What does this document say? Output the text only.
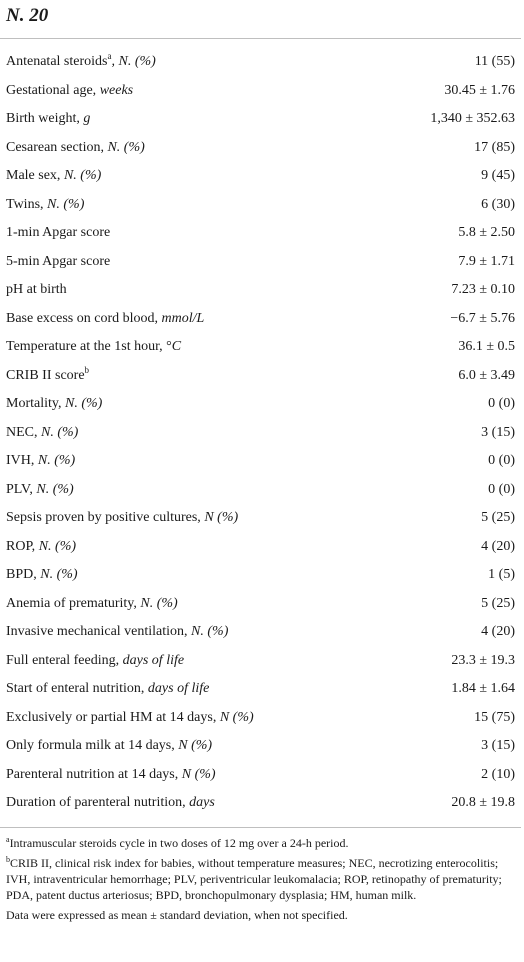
N. 20
Antenatal steroids$^a$, N. (%)	11 (55)
Gestational age, weeks	30.45 ± 1.76
Birth weight, g	1,340 ± 352.63
Cesarean section, N. (%)	17 (85)
Male sex, N. (%)	9 (45)
Twins, N. (%)	6 (30)
1-min Apgar score	5.8 ± 2.50
5-min Apgar score	7.9 ± 1.71
pH at birth	7.23 ± 0.10
Base excess on cord blood, mmol/L	−6.7 ± 5.76
Temperature at the 1st hour, °C	36.1 ± 0.5
CRIB II score$^b$	6.0 ± 3.49
Mortality, N. (%)	0 (0)
NEC, N. (%)	3 (15)
IVH, N. (%)	0 (0)
PLV, N. (%)	0 (0)
Sepsis proven by positive cultures, N (%)	5 (25)
ROP, N. (%)	4 (20)
BPD, N. (%)	1 (5)
Anemia of prematurity, N. (%)	5 (25)
Invasive mechanical ventilation, N. (%)	4 (20)
Full enteral feeding, days of life	23.3 ± 19.3
Start of enteral nutrition, days of life	1.84 ± 1.64
Exclusively or partial HM at 14 days, N (%)	15 (75)
Only formula milk at 14 days, N (%)	3 (15)
Parenteral nutrition at 14 days, N (%)	2 (10)
Duration of parenteral nutrition, days	20.8 ± 19.8

$^a$Intramuscular steroids cycle in two doses of 12 mg over a 24-h period.

$^b$CRIB II, clinical risk index for babies, without temperature measures; NEC, necrotizing enterocolitis; IVH, intraventricular hemorrhage; PLV, periventricular leukomalacia; ROP, retinopathy of prematurity; PDA, patent ductus arteriosus; BPD, bronchopulmonary dysplasia; HM, human milk.

Data were expressed as mean ± standard deviation, when not specified.
